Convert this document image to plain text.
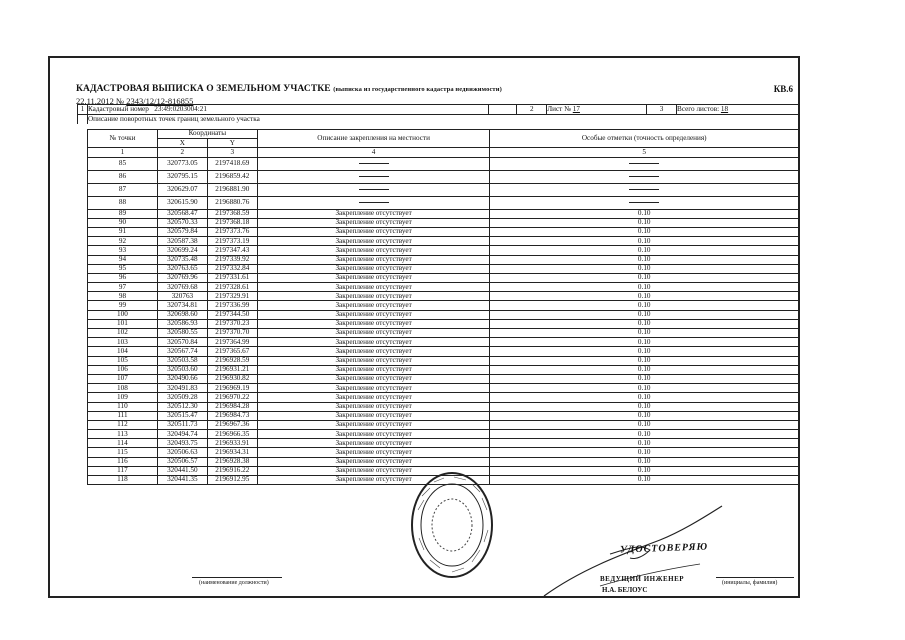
КАДАСТРОВАЯ ВЫПИСКА О ЗЕМЕЛЬНОМ УЧАСТКЕ (выписка из государственного кадастра недвижимости)	КВ.6
22.11.2012 № 2343/12/12-816855
1	Кадастровый номер 23:49:0203004:21		2	Лист № 17	3	Всего листов: 18
	Описание поворотных точек границ земельного участка					
№ точки	Координаты		Описание закрепления на местности	Особые отметки (точность определения)
	X	Y		
1	2	3	4	5
85	320773.05	2197418.69		
86	320795.15	2196859.42		
87	320629.07	2196881.90		
88	320615.90	2196880.76		
89	320568.47	2197368.59	Закрепление отсутствует	0.10
90	320570.33	2197368.18	Закрепление отсутствует	0.10
91	320579.84	2197373.76	Закрепление отсутствует	0.10
92	320587.38	2197373.19	Закрепление отсутствует	0.10
93	320699.24	2197347.43	Закрепление отсутствует	0.10
94	320735.48	2197339.92	Закрепление отсутствует	0.10
95	320763.65	2197332.84	Закрепление отсутствует	0.10
96	320769.96	2197331.61	Закрепление отсутствует	0.10
97	320769.68	2197328.61	Закрепление отсутствует	0.10
98	320763	2197329.91	Закрепление отсутствует	0.10
99	320734.81	2197336.99	Закрепление отсутствует	0.10
100	320698.60	2197344.50	Закрепление отсутствует	0.10
101	320586.93	2197370.23	Закрепление отсутствует	0.10
102	320580.55	2197370.70	Закрепление отсутствует	0.10
103	320570.84	2197364.99	Закрепление отсутствует	0.10
104	320567.74	2197365.67	Закрепление отсутствует	0.10
105	320503.58	2196928.59	Закрепление отсутствует	0.10
106	320503.60	2196931.21	Закрепление отсутствует	0.10
107	320490.66	2196930.82	Закрепление отсутствует	0.10
108	320491.83	2196969.19	Закрепление отсутствует	0.10
109	320509.28	2196970.22	Закрепление отсутствует	0.10
110	320512.30	2196984.28	Закрепление отсутствует	0.10
111	320515.47	2196984.73	Закрепление отсутствует	0.10
112	320511.73	2196967.36	Закрепление отсутствует	0.10
113	320494.74	2196966.35	Закрепление отсутствует	0.10
114	320493.75	2196933.91	Закрепление отсутствует	0.10
115	320506.63	2196934.31	Закрепление отсутствует	0.10
116	320506.57	2196928.38	Закрепление отсутствует	0.10
117	320441.50	2196916.22	Закрепление отсутствует	0.10
118	320441.35	2196912.95	Закрепление отсутствует	0.10
(наименование должности)	(инициалы, фамилия)
УДОСТОВЕРЯЮ
ВЕДУЩИЙ ИНЖЕНЕР
Н.А. БЕЛОУС
